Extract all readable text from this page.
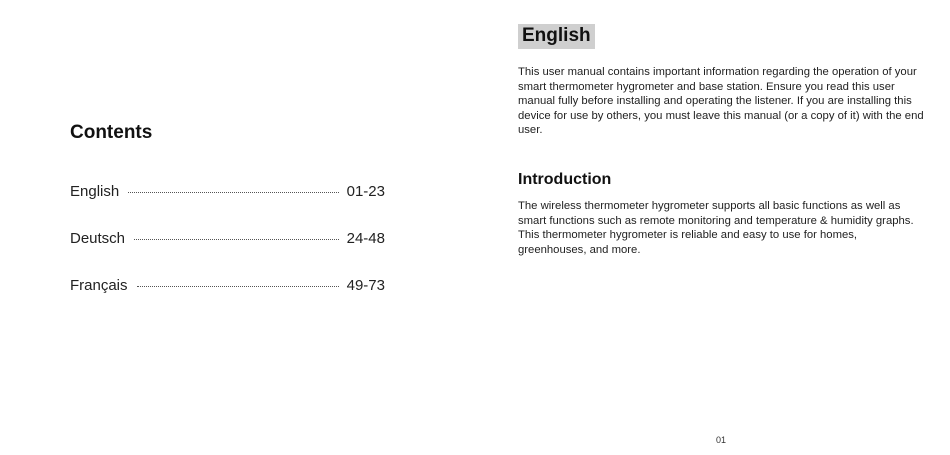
Contents
English	01-23
Deutsch	24-48
Français	49-73
English

This user manual contains important information regarding the operation of your smart thermometer hygrometer and base station. Ensure you read this user manual fully before installing and operating the listener. If you are installing this device for use by others, you must leave this manual (or a copy of it) with the end user.

Introduction

The wireless thermometer hygrometer supports all basic functions as well as smart functions such as remote monitoring and temperature & humidity graphs. This thermometer hygrometer is reliable and easy to use for homes, greenhouses, and more.

01
